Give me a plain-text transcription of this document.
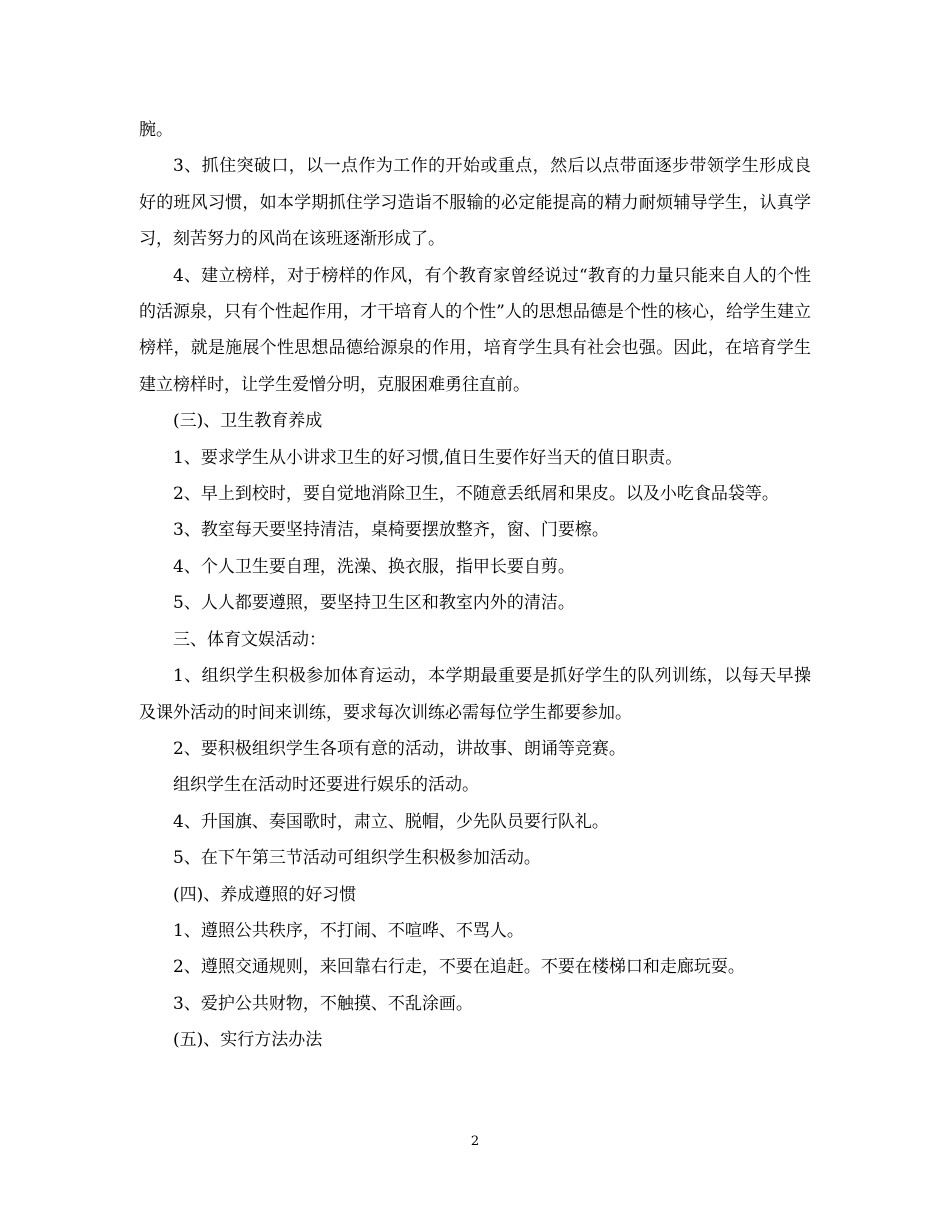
腕。

3、抓住突破口，以一点作为工作的开始或重点，然后以点带面逐步带领学生形成良好的班风习惯，如本学期抓住学习造诣不服输的必定能提高的精力耐烦辅导学生，认真学习，刻苦努力的风尚在该班逐渐形成了。

4、建立榜样，对于榜样的作风，有个教育家曾经说过“教育的力量只能来自人的个性的活源泉，只有个性起作用，才干培育人的个性”人的思想品德是个性的核心，给学生建立榜样，就是施展个性思想品德给源泉的作用，培育学生具有社会也强。因此，在培育学生建立榜样时，让学生爱憎分明，克服困难勇往直前。

(三)、卫生教育养成

1、要求学生从小讲求卫生的好习惯,值日生要作好当天的值日职责。

2、早上到校时，要自觉地消除卫生，不随意丢纸屑和果皮。以及小吃食品袋等。

3、教室每天要坚持清洁，桌椅要摆放整齐，窗、门要檫。

4、个人卫生要自理，洗澡、换衣服，指甲长要自剪。

5、人人都要遵照，要坚持卫生区和教室内外的清洁。

三、体育文娱活动：

1、组织学生积极参加体育运动，本学期最重要是抓好学生的队列训练，以每天早操及课外活动的时间来训练，要求每次训练必需每位学生都要参加。

2、要积极组织学生各项有意的活动，讲故事、朗诵等竞赛。

组织学生在活动时还要进行娱乐的活动。

4、升国旗、奏国歌时，肃立、脱帽，少先队员要行队礼。

5、在下午第三节活动可组织学生积极参加活动。

(四)、养成遵照的好习惯

1、遵照公共秩序，不打闹、不喧哗、不骂人。

2、遵照交通规则，来回靠右行走，不要在追赶。不要在楼梯口和走廊玩耍。

3、爱护公共财物，不触摸、不乱涂画。

(五)、实行方法办法

2
